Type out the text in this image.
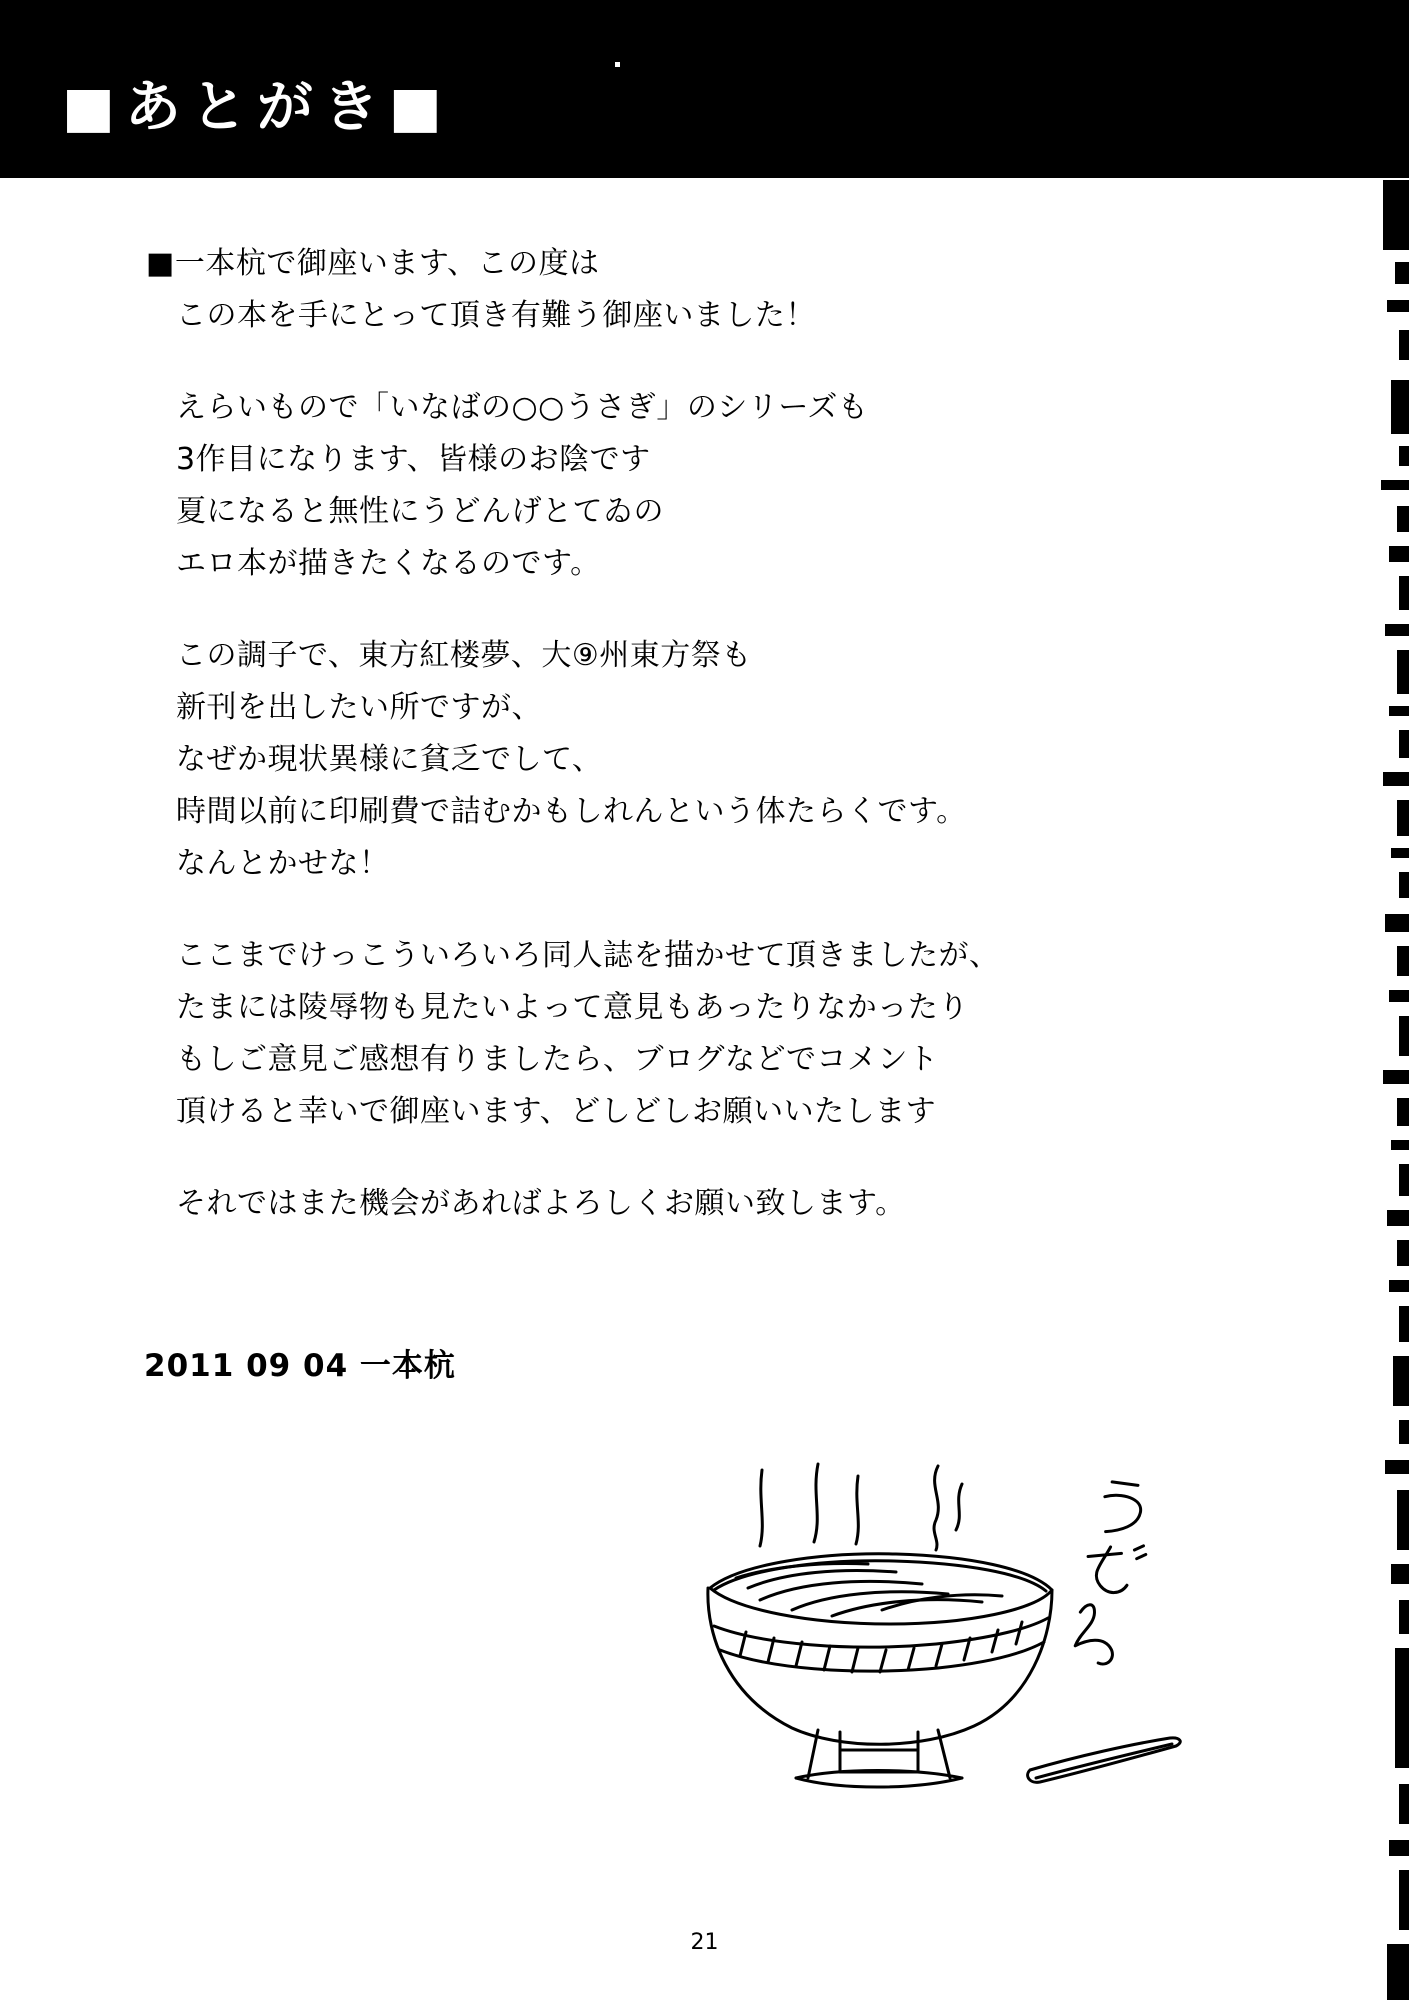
■あとがき■
■一本杭で御座います、この度は
この本を手にとって頂き有難う御座いました！
えらいもので「いなばの○○うさぎ」のシリーズも
3作目になります、皆様のお陰です
夏になると無性にうどんげとてゐの
エロ本が描きたくなるのです。
この調子で、東方紅楼夢、大⑨州東方祭も
新刊を出したい所ですが、
なぜか現状異様に貧乏でして、
時間以前に印刷費で詰むかもしれんという体たらくです。
なんとかせな！
ここまでけっこういろいろ同人誌を描かせて頂きましたが、
たまには陵辱物も見たいよって意見もあったりなかったり
もしご意見ご感想有りましたら、ブログなどでコメント
頂けると幸いで御座います、どしどしお願いいたします
それではまた機会があればよろしくお願い致します。
2011 09 04 一本杭
21
